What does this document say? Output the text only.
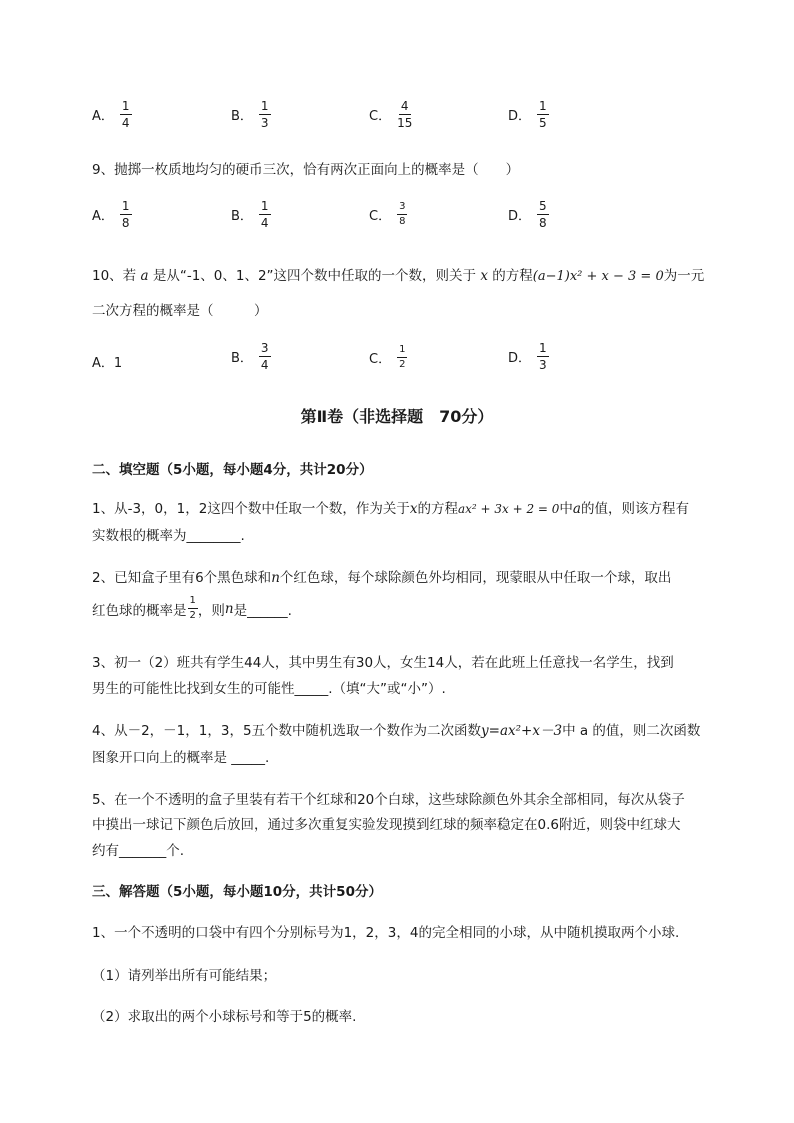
A． $\frac{1}{4}$	B． $\frac{1}{3}$	C． $\frac{4}{15}$	D． $\frac{1}{5}$
9、抛掷一枚质地均匀的硬币三次，恰有两次正面向上的概率是（　　）
A． $\frac{1}{8}$	B． $\frac{1}{4}$	C． $\frac{3}{8}$	D． $\frac{5}{8}$
10、若 a 是从“-1、0、1、2”这四个数中任取的一个数，则关于 x 的方程(a−1)x² + x − 3 = 0为一元
二次方程的概率是（　　　）
A．1	B． $\frac{3}{4}$	C． $\frac{1}{2}$	D． $\frac{1}{3}$
第Ⅱ卷（非选择题　70分）
二、填空题（5小题，每小题4分，共计20分）
1、从-3，0，1，2这四个数中任取一个数，作为关于x的方程ax² + 3x + 2 = 0中a的值，则该方程有
实数根的概率为________.
2、已知盒子里有6个黑色球和n个红色球，每个球除颜色外均相同，现蒙眼从中任取一个球，取出
红色球的概率是 $\frac{1}{2}$ ，则 n 是______.
3、初一（2）班共有学生44人，其中男生有30人，女生14人，若在此班上任意找一名学生，找到
男生的可能性比找到女生的可能性_____.（填“大”或“小”）.
4、从－2，－1，1，3，5五个数中随机选取一个数作为二次函数y=ax²+x－3中 a 的值，则二次函数
图象开口向上的概率是 _____.
5、在一个不透明的盒子里装有若干个红球和20个白球，这些球除颜色外其余全部相同，每次从袋子
中摸出一球记下颜色后放回，通过多次重复实验发现摸到红球的频率稳定在0.6附近，则袋中红球大
约有_______个.
三、解答题（5小题，每小题10分，共计50分）
1、一个不透明的口袋中有四个分别标号为1，2，3，4的完全相同的小球，从中随机摸取两个小球.
（1）请列举出所有可能结果；
（2）求取出的两个小球标号和等于5的概率.
